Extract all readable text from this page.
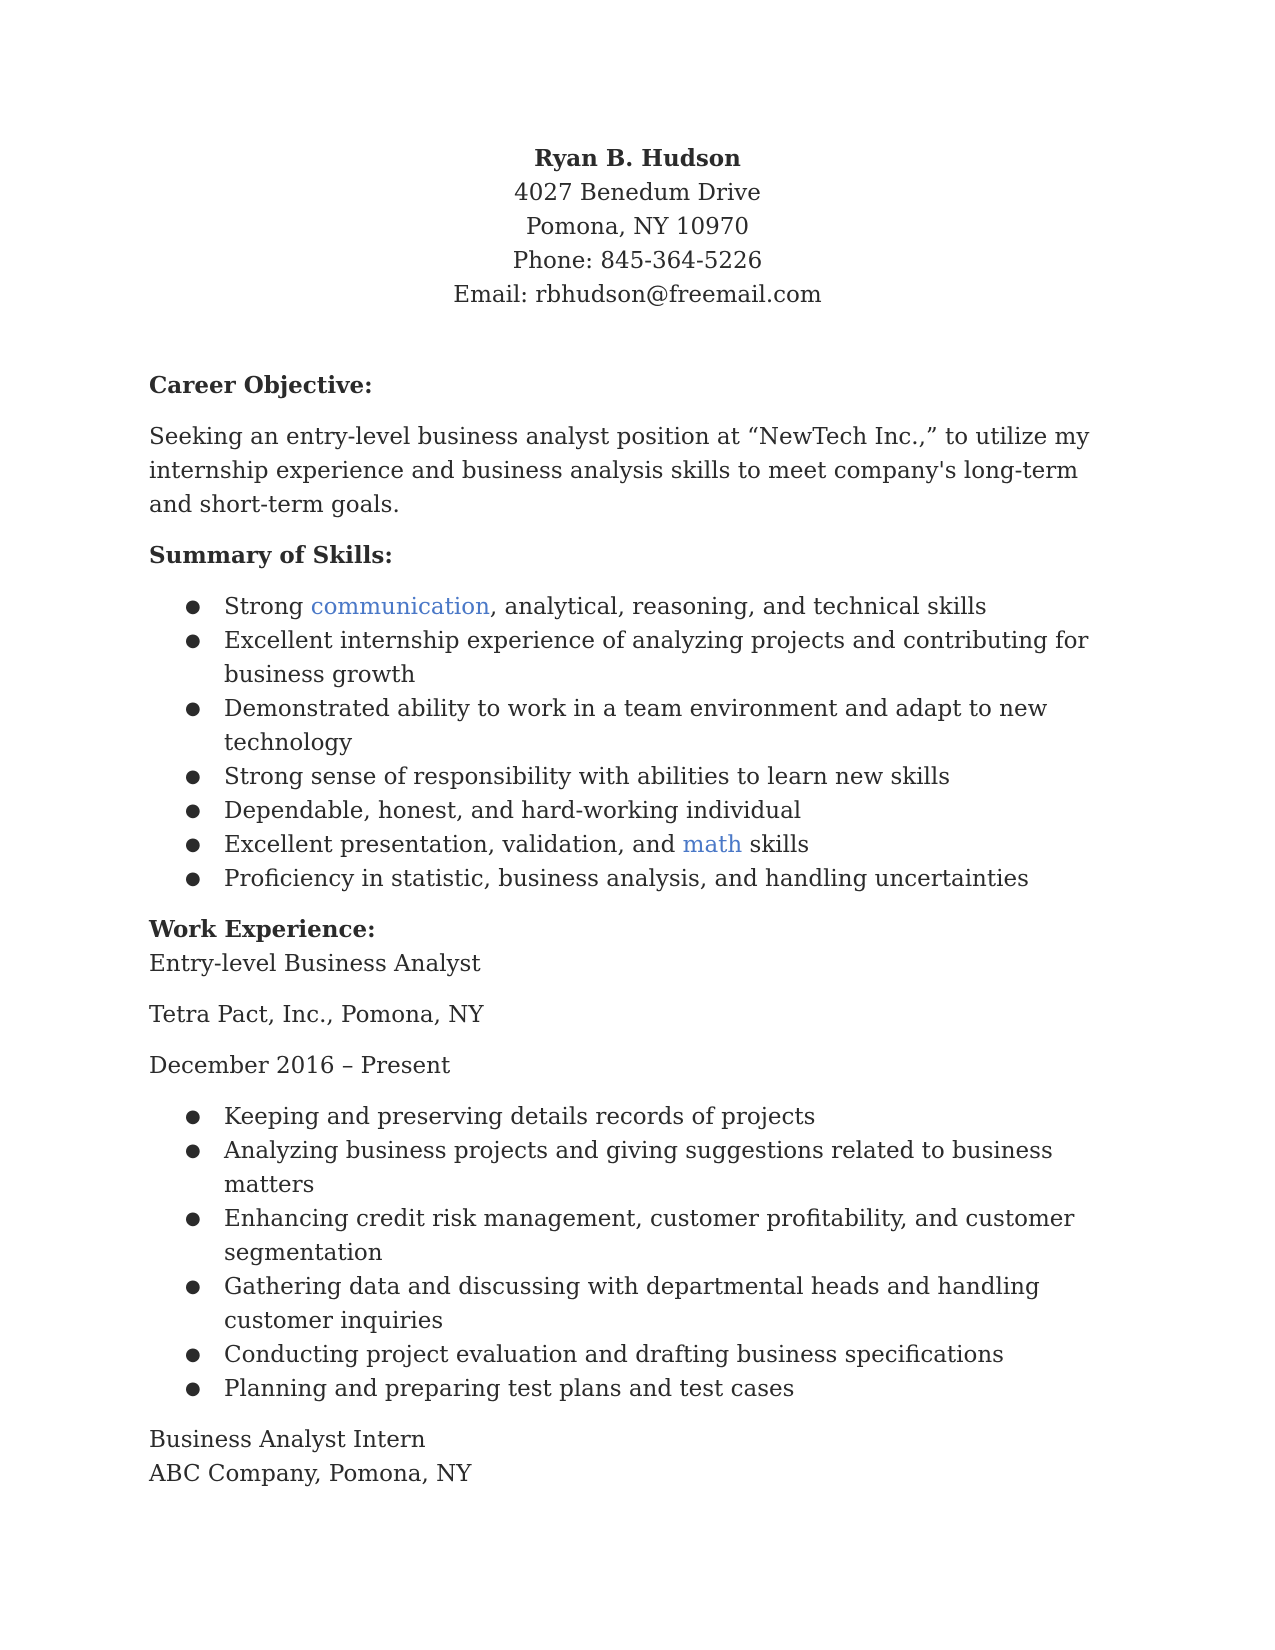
Ryan B. Hudson
4027 Benedum Drive
Pomona, NY 10970
Phone: 845-364-5226
Email: rbhudson@freemail.com

Career Objective:

Seeking an entry-level business analyst position at “NewTech Inc.,” to utilize my internship experience and business analysis skills to meet company's long-term and short-term goals.

Summary of Skills:

● Strong communication, analytical, reasoning, and technical skills
● Excellent internship experience of analyzing projects and contributing for business growth
● Demonstrated ability to work in a team environment and adapt to new technology
● Strong sense of responsibility with abilities to learn new skills
● Dependable, honest, and hard-working individual
● Excellent presentation, validation, and math skills
● Proficiency in statistic, business analysis, and handling uncertainties

Work Experience:

Entry-level Business Analyst

Tetra Pact, Inc., Pomona, NY

December 2016 – Present

● Keeping and preserving details records of projects
● Analyzing business projects and giving suggestions related to business matters
● Enhancing credit risk management, customer profitability, and customer segmentation
● Gathering data and discussing with departmental heads and handling customer inquiries
● Conducting project evaluation and drafting business specifications
● Planning and preparing test plans and test cases

Business Analyst Intern

ABC Company, Pomona, NY
